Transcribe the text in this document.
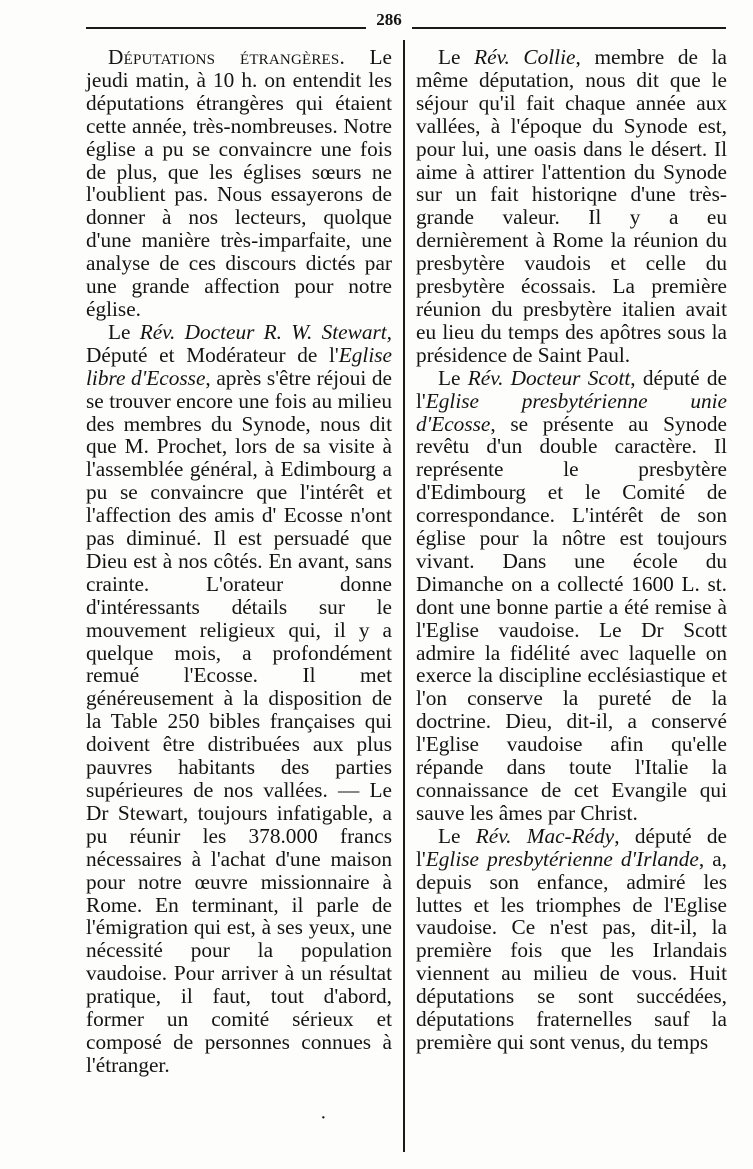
286

Députations étrangères. Le jeudi matin, à 10 h. on entendit les députations étrangères qui étaient cette année, très-nombreuses. Notre église a pu se convaincre une fois de plus, que les églises sœurs ne l'oublient pas. Nous essayerons de donner à nos lecteurs, quolque d'une manière très-imparfaite, une analyse de ces discours dictés par une grande affection pour notre église.

Le Rév. Docteur R. W. Stewart, Député et Modérateur de l'Eglise libre d'Ecosse, après s'être réjoui de se trouver encore une fois au milieu des membres du Synode, nous dit que M. Prochet, lors de sa visite à l'assemblée général, à Edimbourg a pu se convaincre que l'intérêt et l'affection des amis d' Ecosse n'ont pas diminué. Il est persuadé que Dieu est à nos côtés. En avant, sans crainte. L'orateur donne d'intéressants détails sur le mouvement religieux qui, il y a quelque mois, a profondément remué l'Ecosse. Il met généreusement à la disposition de la Table 250 bibles françaises qui doivent être distribuées aux plus pauvres habitants des parties supérieures de nos vallées. — Le Dr Stewart, toujours infatigable, a pu réunir les 378.000 francs nécessaires à l'achat d'une maison pour notre œuvre missionnaire à Rome. En terminant, il parle de l'émigration qui est, à ses yeux, une nécessité pour la population vaudoise. Pour arriver à un résultat pratique, il faut, tout d'abord, former un comité sérieux et composé de personnes connues à l'étranger.

Le Rév. Collie, membre de la même députation, nous dit que le séjour qu'il fait chaque année aux vallées, à l'époque du Synode est, pour lui, une oasis dans le désert. Il aime à attirer l'attention du Synode sur un fait historiqne d'une très-grande valeur. Il y a eu dernièrement à Rome la réunion du presbytère vaudois et celle du presbytère écossais. La première réunion du presbytère italien avait eu lieu du temps des apôtres sous la présidence de Saint Paul.

Le Rév. Docteur Scott, député de l'Eglise presbytérienne unie d'Ecosse, se présente au Synode revêtu d'un double caractère. Il représente le presbytère d'Edimbourg et le Comité de correspondance. L'intérêt de son église pour la nôtre est toujours vivant. Dans une école du Dimanche on a collecté 1600 L. st. dont une bonne partie a été remise à l'Eglise vaudoise. Le Dr Scott admire la fidélité avec laquelle on exerce la discipline ecclésiastique et l'on conserve la pureté de la doctrine. Dieu, dit-il, a conservé l'Eglise vaudoise afin qu'elle répande dans toute l'Italie la connaissance de cet Evangile qui sauve les âmes par Christ.

Le Rév. Mac-Rédy, député de l'Eglise presbytérienne d'Irlande, a, depuis son enfance, admiré les luttes et les triomphes de l'Eglise vaudoise. Ce n'est pas, dit-il, la première fois que les Irlandais viennent au milieu de vous. Huit députations se sont succédées, députations fraternelles sauf la première qui sont venus, du temps

·
